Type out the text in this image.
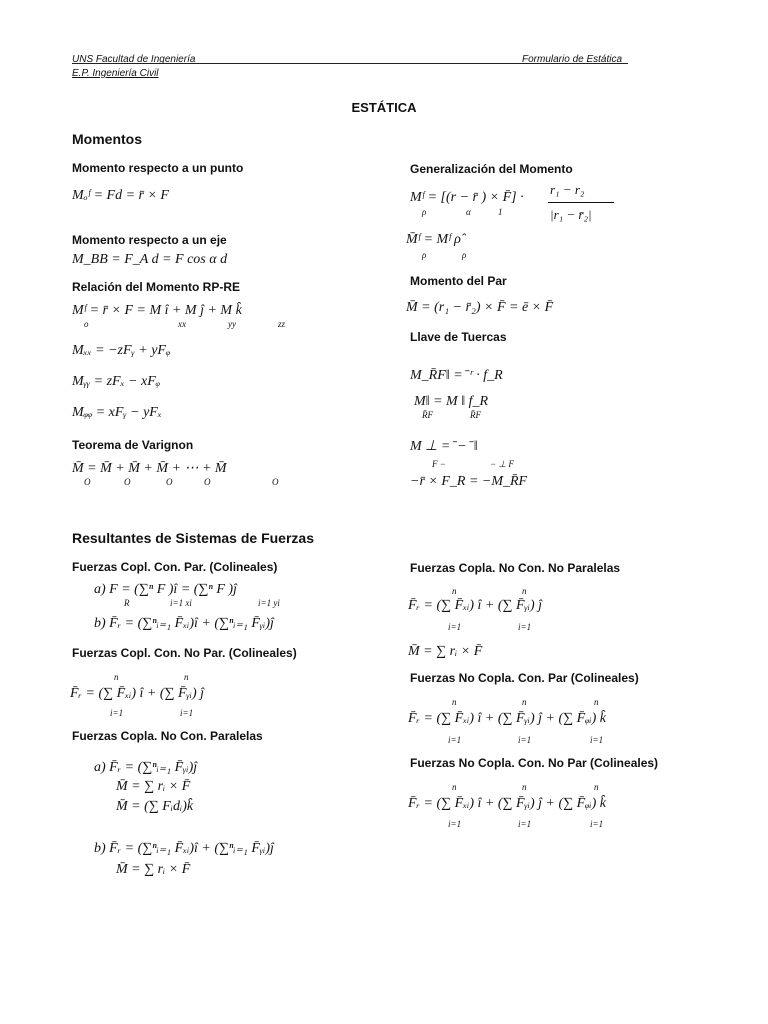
UNS Facultad de Ingeniería
E.P. Ingeniería Civil
Formulario de Estática
ESTÁTICA
Momentos
Momento respecto a un punto
Mₒᶠ = Fd = r̄ × F
Momento respecto a un eje
M_BB = F_A d = F cos α d
Relación del Momento RP-RE
Mᶠ = r̄ × F = M î + M ĵ + M k̂
o	xx	yy	zz
Mₓₓ = −zFᵧ + yFᵩ
Mᵧᵧ = zFₓ − xFᵩ
Mᵩᵩ = xFᵧ − yFₓ
Teorema de Varignon
M̄ = M̄ + M̄ + M̄ + ⋯ + M̄
O	O	O	O	O
Generalización del Momento
Mᶠ = [(r − r̄ ) × F̄] ·
ρ	α	1
r₁ − r₂
|r₁ − r̄₂|
M̄ᶠ = Mᶠ ρ̂
ρ	ρ
Momento del Par
M̄ = (r₁ − r̄₂) × F̄ = ē × F̄
Llave de Tuercas
M_R̄F‖ = ̄ ʳ · f_R
M‖ = M ‖ f_R
R̄F	R̄F
M ⊥ = ̄ − ̄ ‖
F −	− ⊥ F
−r̄ × F_R = −M_R̄F
Resultantes de Sistemas de Fuerzas
Fuerzas Copl. Con. Par. (Colineales)
a) F = (∑ⁿ F )î = (∑ⁿ F )ĵ
R	i=1 xi	i=1 yi
b) F̄ᵣ = (∑ⁿᵢ₌₁ F̄ₓᵢ)î + (∑ⁿᵢ₌₁ F̄ᵧᵢ)ĵ
Fuerzas Copl. Con. No Par. (Colineales)
n	n
F̄ᵣ = (∑ F̄ₓᵢ) î + (∑ F̄ᵧᵢ) ĵ
i=1	i=1
Fuerzas Copla. No Con. Paralelas
a) F̄ᵣ = (∑ⁿᵢ₌₁ F̄ᵧᵢ)ĵ
M̄ = ∑ rᵢ × F̄
M̄ = (∑ Fᵢdᵢ)k̂
b) F̄ᵣ = (∑ⁿᵢ₌₁ F̄ₓᵢ)î + (∑ⁿᵢ₌₁ F̄ᵧᵢ)ĵ
M̄ = ∑ rᵢ × F̄
Fuerzas Copla. No Con. No Paralelas
n	n
F̄ᵣ = (∑ F̄ₓᵢ) î + (∑ F̄ᵧᵢ) ĵ
i=1	i=1
M̄ = ∑ rᵢ × F̄
Fuerzas No Copla. Con. Par (Colineales)
n	n	n
F̄ᵣ = (∑ F̄ₓᵢ) î + (∑ F̄ᵧᵢ) ĵ + (∑ F̄ᵩᵢ) k̂
i=1	i=1	i=1
Fuerzas No Copla. Con. No Par (Colineales)
n	n	n
F̄ᵣ = (∑ F̄ₓᵢ) î + (∑ F̄ᵧᵢ) ĵ + (∑ F̄ᵩᵢ) k̂
i=1	i=1	i=1
